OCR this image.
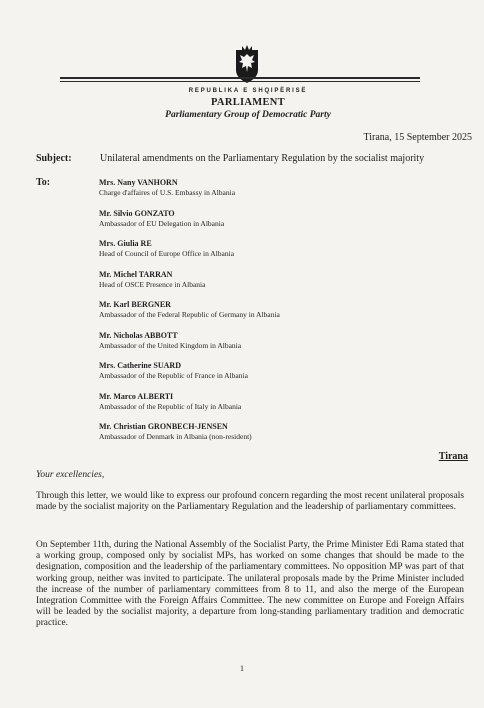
REPUBLIKA E SHQIPËRISË
PARLIAMENT
Parliamentary Group of Democratic Party
Tirana, 15 September 2025
Subject:	Unilateral amendments on the Parliamentary Regulation by the socialist majority
To:	Mrs. Nany VANHORN
Charge d'affaires of U.S. Embassy in Albania
Mr. Silvio GONZATO
Ambassador of EU Delegation in Albania
Mrs. Giulia RE
Head of Council of Europe Office in Albania
Mr. Michel TARRAN
Head of OSCE Presence in Albania
Mr. Karl BERGNER
Ambassador of the Federal Republic of Germany in Albania
Mr. Nicholas ABBOTT
Ambassador of the United Kingdom in Albania
Mrs. Catherine SUARD
Ambassador of the Republic of France in Albania
Mr. Marco ALBERTI
Ambassador of the Republic of Italy in Albania
Mr. Christian GRONBECH-JENSEN
Ambassador of Denmark in Albania (non-resident)
Tirana
Your excellencies,
Through this letter, we would like to express our profound concern regarding the most recent unilateral proposals made by the socialist majority on the Parliamentary Regulation and the leadership of parliamentary committees.
On September 11th, during the National Assembly of the Socialist Party, the Prime Minister Edi Rama stated that a working group, composed only by socialist MPs, has worked on some changes that should be made to the designation, composition and the leadership of the parliamentary committees. No opposition MP was part of that working group, neither was invited to participate. The unilateral proposals made by the Prime Minister included the increase of the number of parliamentary committees from 8 to 11, and also the merge of the European Integration Committee with the Foreign Affairs Committee. The new committee on Europe and Foreign Affairs will be leaded by the socialist majority, a departure from long-standing parliamentary tradition and democratic practice.
1
